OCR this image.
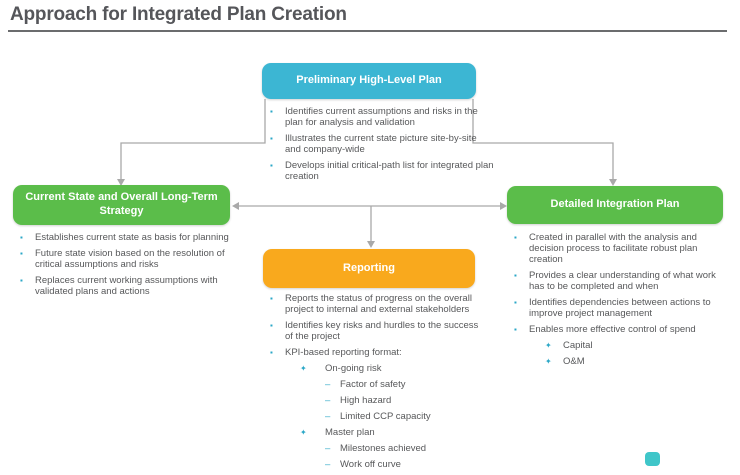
Approach for Integrated Plan Creation
Preliminary High-Level Plan
Current State and Overall Long-Term Strategy
Detailed Integration Plan
Reporting
▪	Identifies current assumptions and risks in the plan for analysis and validation
▪	Illustrates the current state picture site-by-site and company-wide
▪	Develops initial critical-path list for integrated plan creation
▪	Establishes current state as basis for planning
▪	Future state vision based on the resolution of critical assumptions and risks
▪	Replaces current working assumptions with validated plans and actions
▪	Created in parallel with the analysis and decision process to facilitate robust plan creation
▪	Provides a clear understanding of what work has to be completed and when
▪	Identifies dependencies between actions to improve project management
▪	Enables more effective control of spend
✦	Capital
✦	O&M
▪	Reports the status of progress on the overall project to internal and external stakeholders
▪	Identifies key risks and hurdles to the success of the project
▪	KPI-based reporting format:
✦	On-going risk
–	Factor of safety
–	High hazard
–	Limited CCP capacity
✦	Master plan
–	Milestones achieved
–	Work off curve
